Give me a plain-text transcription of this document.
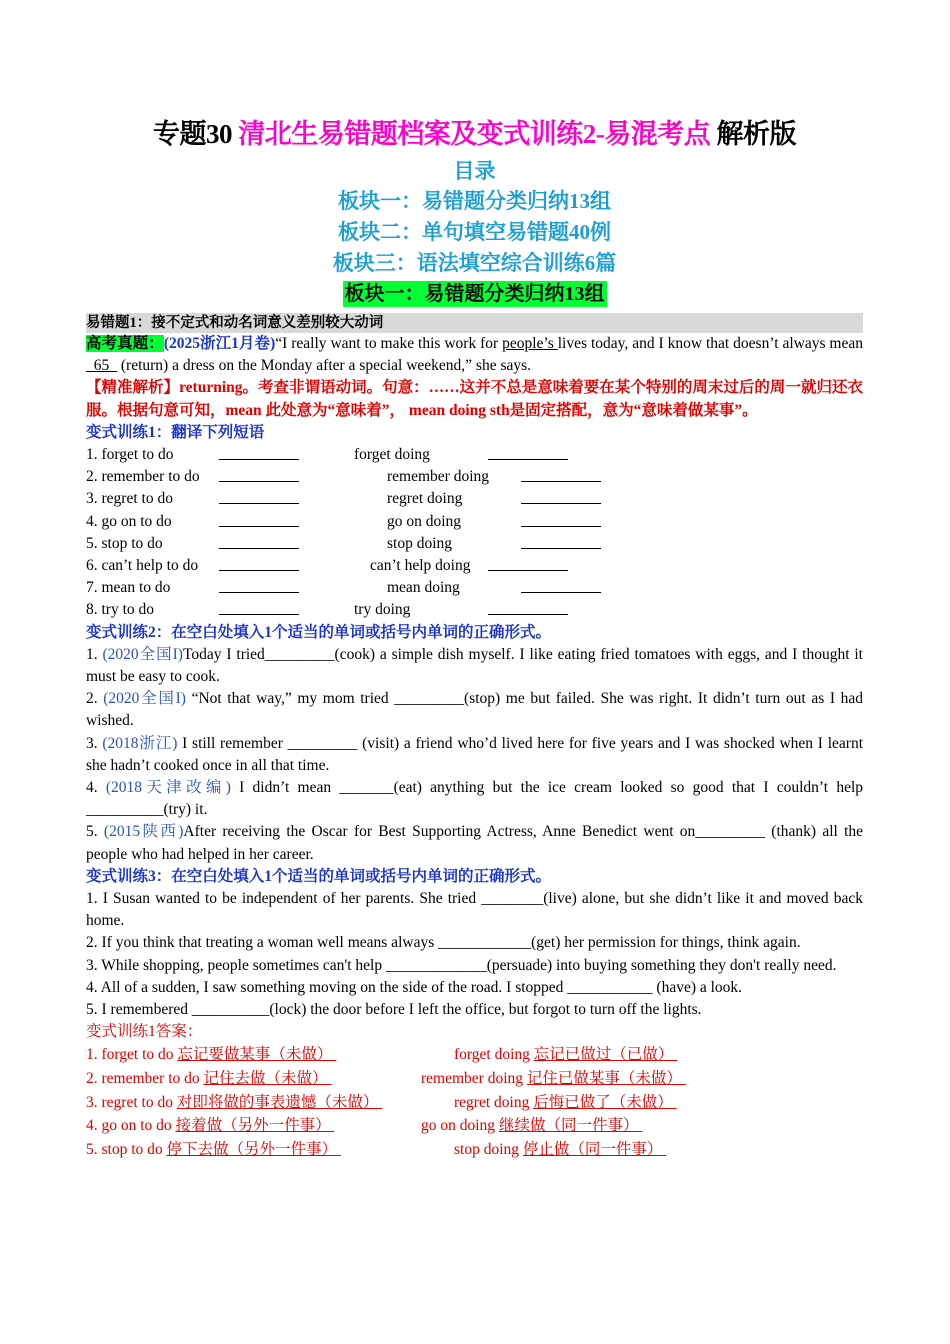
专题30 清北生易错题档案及变式训练2-易混考点 解析版
目录
板块一：易错题分类归纳13组
板块二：单句填空易错题40例
板块三：语法填空综合训练6篇
板块一：易错题分类归纳13组
易错题1：接不定式和动名词意义差别较大动词
高考真题：(2025浙江1月卷)“I really want to make this work for people’s lives today, and I know that doesn’t always mean   65   (return) a dress on the Monday after a special weekend,” she says.
【精准解析】returning。考查非谓语动词。句意：……这并不总是意味着要在某个特别的周末过后的周一就归还衣服。根据句意可知，mean 此处意为“意味着”， mean doing sth是固定搭配，意为“意味着做某事”。
变式训练1：翻译下列短语
1. forget to do	forget doing
2. remember to do	remember doing
3. regret to do	regret doing
4. go on to do	go on doing
5. stop to do	stop doing
6. can’t help to do	can’t help doing
7. mean to do	mean doing
8. try to do	try doing
变式训练2：在空白处填入1个适当的单词或括号内单词的正确形式。
1. (2020全国I)Today I tried_________(cook) a simple dish myself. I like eating fried tomatoes with eggs, and I thought it must be easy to cook.
2. (2020全国I) “Not that way,” my mom tried _________(stop) me but failed. She was right. It didn’t turn out as I had wished.
3. (2018浙江) I still remember _________ (visit) a friend who’d lived here for five years and I was shocked when I learnt she hadn’t cooked once in all that time.
4. (2018天津改编) I didn’t mean _______(eat) anything but the ice cream looked so good that I couldn’t help __________(try) it.
5. (2015陕西)After receiving the Oscar for Best Supporting Actress, Anne Benedict went on_________ (thank) all the people who had helped in her career.
变式训练3：在空白处填入1个适当的单词或括号内单词的正确形式。
1. I Susan wanted to be independent of her parents. She tried ________(live) alone, but she didn’t like it and moved back home.
2. If you think that treating a woman well means always ____________(get) her permission for things, think again.
3. While shopping, people sometimes can't help _____________(persuade) into buying something they don't really need.
4. All of a sudden, I saw something moving on the side of the road. I stopped ___________ (have) a look.
5. I remembered __________(lock) the door before I left the office, but forgot to turn off the lights.
变式训练1答案：
1. forget to do 忘记要做某事（未做）	forget doing 忘记已做过（已做）
2. remember to do 记住去做（未做）	remember doing 记住已做某事（未做）
3. regret to do 对即将做的事表遗憾（未做）	regret doing 后悔已做了（未做）
4. go on to do 接着做（另外一件事）	go on doing 继续做（同一件事）
5. stop to do 停下去做（另外一件事）	stop doing 停止做（同一件事）
